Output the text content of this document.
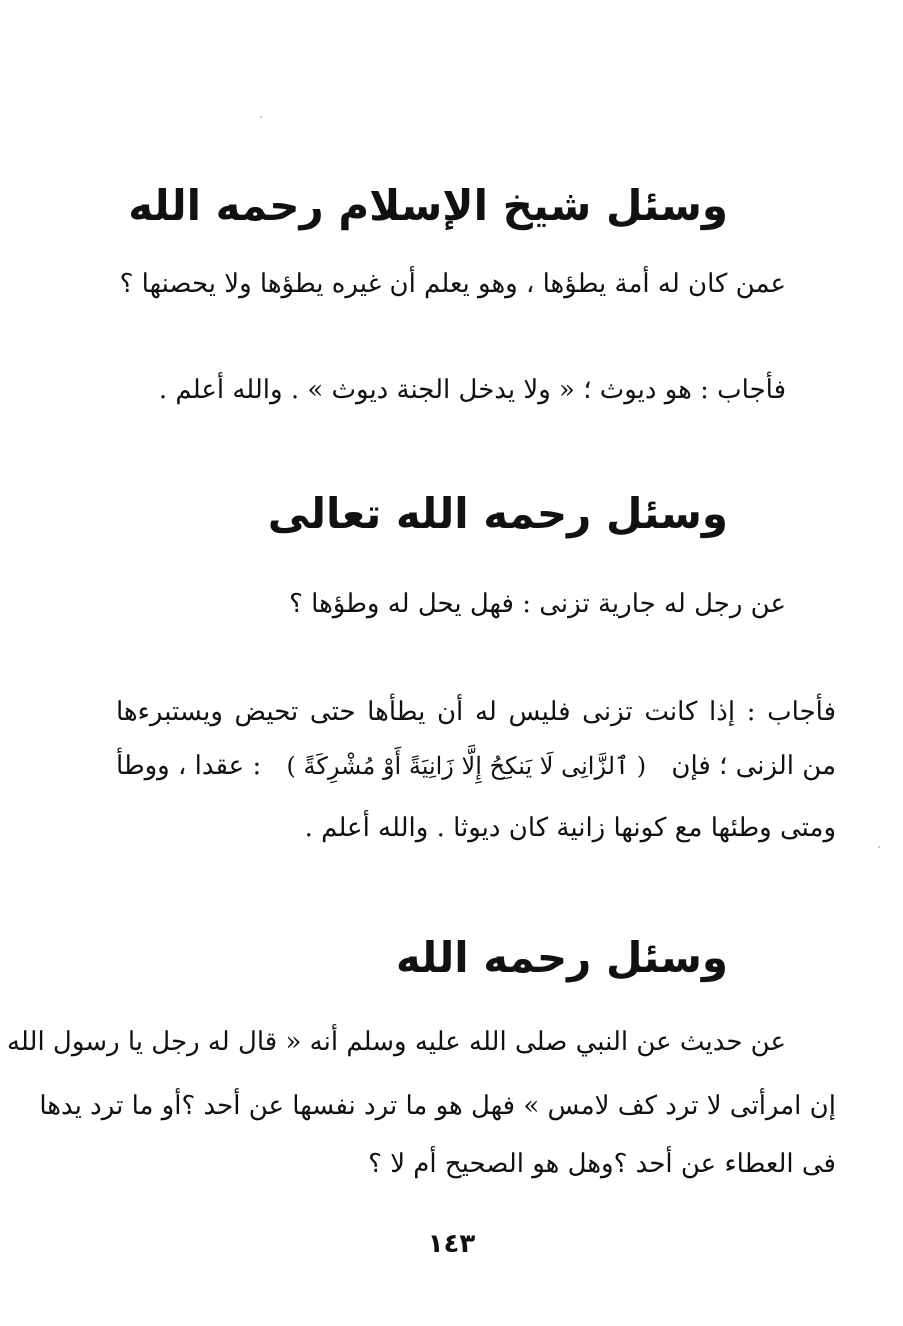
وسئل شيخ الإسلام رحمه الله
عمن كان له أمة يطؤها ، وهو يعلم أن غيره يطؤها ولا يحصنها ؟
فأجاب : هو ديوث ؛ « ولا يدخل الجنة ديوث » . والله أعلم .
وسئل رحمه الله تعالى
عن رجل له جارية تزنى : فهل يحل له وطؤها ؟
فأجاب : إذا كانت تزنى فليس له أن يطأها حتى تحيض ويستبرءها
من الزنى ؛ فإن
( ٱلزَّانِى لَا يَنكِحُ إِلَّا زَانِيَةً أَوْ مُشْرِكَةً )
: عقدا ، ووطأ
ومتى وطئها مع كونها زانية كان ديوثا . والله أعلم .
وسئل رحمه الله
عن حديث عن النبي صلى الله عليه وسلم أنه « قال له رجل يا رسول الله
إن امرأتى لا ترد كف لامس » فهل هو ما ترد نفسها عن أحد ؟أو ما ترد يدها
فى العطاء عن أحد ؟وهل هو الصحيح أم لا ؟
١٤٣
